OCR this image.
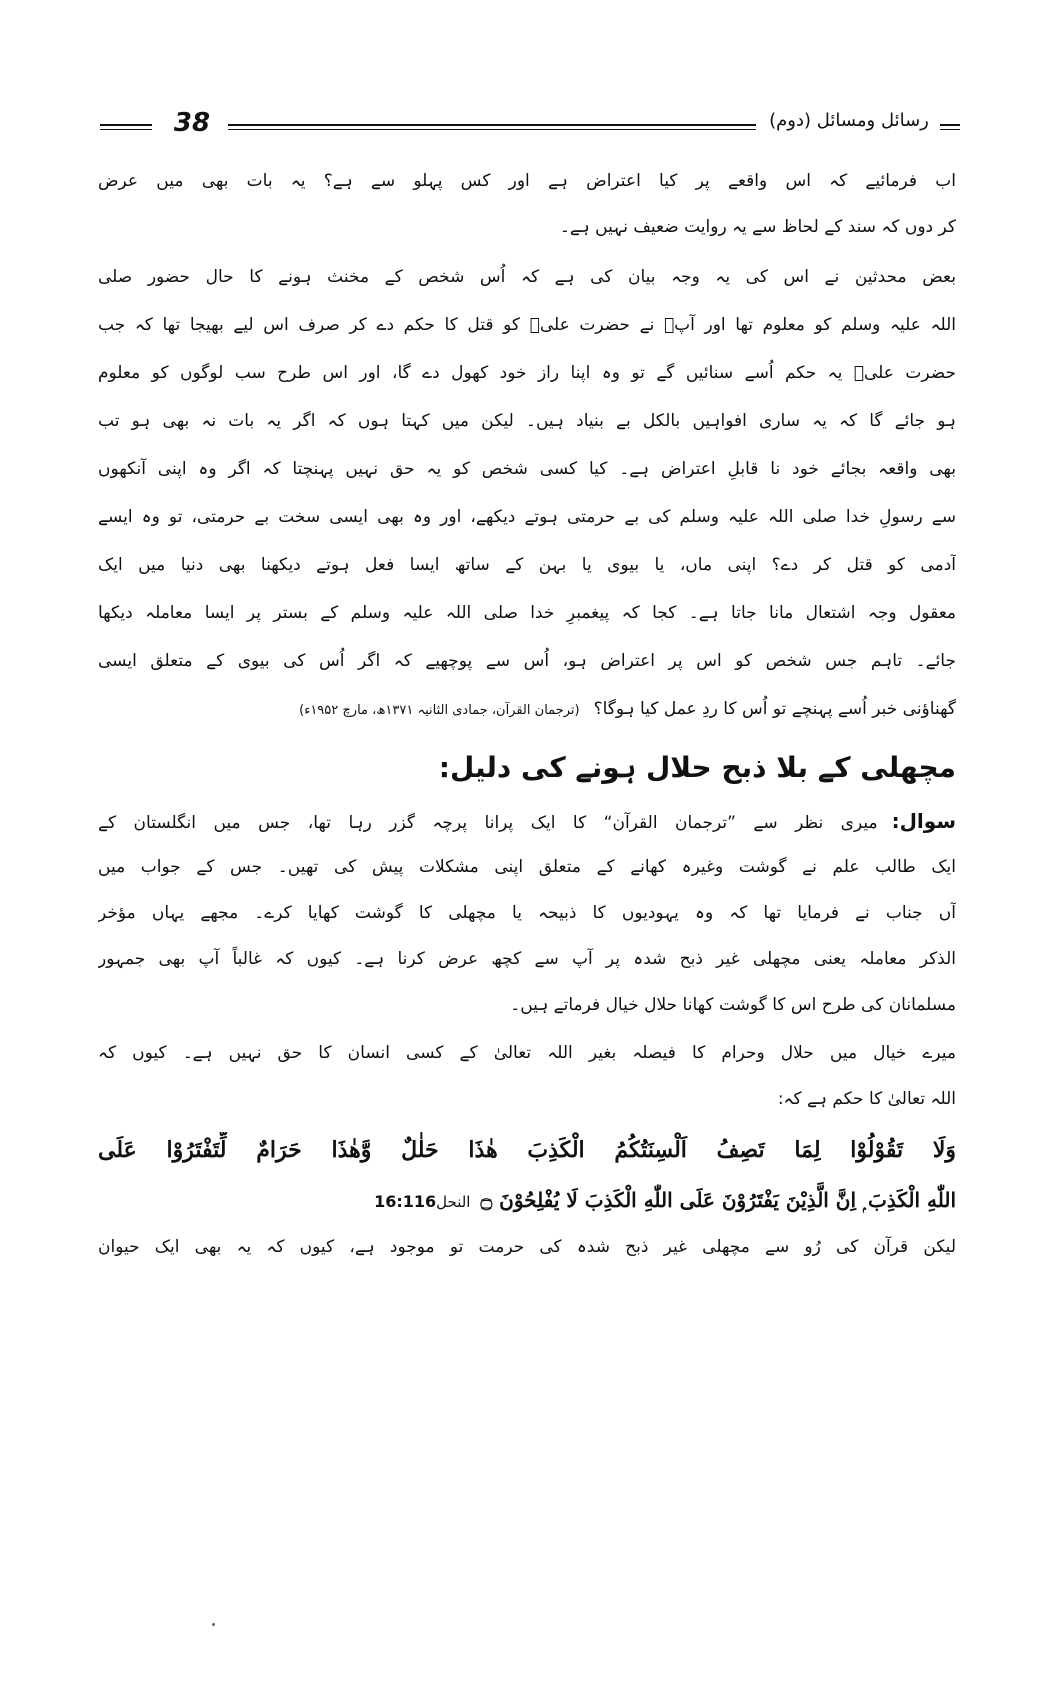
38	رسائل ومسائل (دوم)
اب فرمائیے کہ اس واقعے پر کیا اعتراض ہے اور کس پہلو سے ہے؟ یہ بات بھی میں عرض
کر دوں کہ سند کے لحاظ سے یہ روایت ضعیف نہیں ہے۔
بعض محدثین نے اس کی یہ وجہ بیان کی ہے کہ اُس شخص کے مخنث ہونے کا حال حضور صلی
اللہ علیہ وسلم کو معلوم تھا اور آپؐ نے حضرت علیؓ کو قتل کا حکم دے کر صرف اس لیے بھیجا تھا کہ جب
حضرت علیؓ یہ حکم اُسے سنائیں گے تو وہ اپنا راز خود کھول دے گا، اور اس طرح سب لوگوں کو معلوم
ہو جائے گا کہ یہ ساری افواہیں بالکل بے بنیاد ہیں۔ لیکن میں کہتا ہوں کہ اگر یہ بات نہ بھی ہو تب
بھی واقعہ بجائے خود نا قابلِ اعتراض ہے۔ کیا کسی شخص کو یہ حق نہیں پہنچتا کہ اگر وہ اپنی آنکھوں
سے رسولِ خدا صلی اللہ علیہ وسلم کی بے حرمتی ہوتے دیکھے، اور وہ بھی ایسی سخت بے حرمتی، تو وہ ایسے
آدمی کو قتل کر دے؟ اپنی ماں، یا بیوی یا بہن کے ساتھ ایسا فعل ہوتے دیکھنا بھی دنیا میں ایک
معقول وجہ اشتعال مانا جاتا ہے۔ کجا کہ پیغمبرِ خدا صلی اللہ علیہ وسلم کے بستر پر ایسا معاملہ دیکھا
جائے۔ تاہم جس شخص کو اس پر اعتراض ہو، اُس سے پوچھیے کہ اگر اُس کی بیوی کے متعلق ایسی
گھناؤنی خبر اُسے پہنچے تو اُس کا ردِ عمل کیا ہوگا؟(ترجمان القرآن، جمادی الثانیہ ۱۳۷۱ھ، مارچ ۱۹۵۲ء)
مچھلی کے بلا ذبح حلال ہونے کی دلیل:
سوال:میری نظر سے ”ترجمان القرآن“ کا ایک پرانا پرچہ گزر رہا تھا، جس میں انگلستان کے
ایک طالب علم نے گوشت وغیرہ کھانے کے متعلق اپنی مشکلات پیش کی تھیں۔ جس کے جواب میں
آں جناب نے فرمایا تھا کہ وہ یہودیوں کا ذبیحہ یا مچھلی کا گوشت کھایا کرے۔ مجھے یہاں مؤخر
الذکر معاملہ یعنی مچھلی غیر ذبح شدہ پر آپ سے کچھ عرض کرنا ہے۔ کیوں کہ غالباً آپ بھی جمہور
مسلمانان کی طرح اس کا گوشت کھانا حلال خیال فرماتے ہیں۔
میرے خیال میں حلال وحرام کا فیصلہ بغیر اللہ تعالیٰ کے کسی انسان کا حق نہیں ہے۔ کیوں کہ
اللہ تعالیٰ کا حکم ہے کہ:
وَلَا تَقُوْلُوْا لِمَا تَصِفُ اَلْسِنَتُكُمُ الْكَذِبَ هٰذَا حَلٰلٌ وَّهٰذَا حَرَامٌ لِّتَفْتَرُوْا عَلَى
اللّٰهِ الْكَذِبَ ۭ اِنَّ الَّذِيْنَ يَفْتَرُوْنَ عَلَى اللّٰهِ الْكَذِبَ لَا يُفْلِحُوْنَ ۝النحل16:116
لیکن قرآن کی رُو سے مچھلی غیر ذبح شدہ کی حرمت تو موجود ہے، کیوں کہ یہ بھی ایک حیوان
